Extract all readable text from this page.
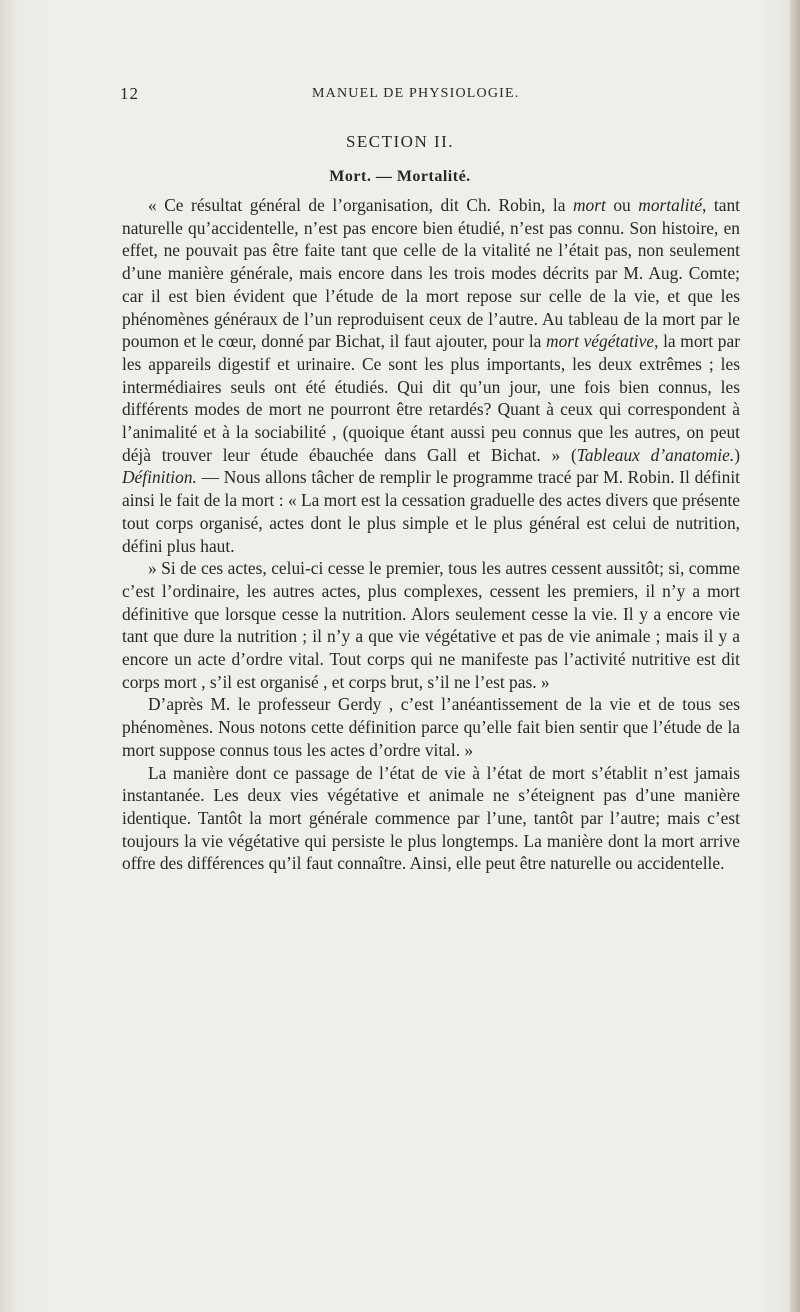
12	MANUEL DE PHYSIOLOGIE.
SECTION II.
Mort. — Mortalité.

« Ce résultat général de l’organisation, dit Ch. Robin, la mort ou mortalité, tant naturelle qu’accidentelle, n’est pas encore bien étudié, n’est pas connu. Son histoire, en effet, ne pouvait pas être faite tant que celle de la vitalité ne l’était pas, non seulement d’une manière générale, mais encore dans les trois modes décrits par M. Aug. Comte; car il est bien évident que l’étude de la mort repose sur celle de la vie, et que les phénomènes généraux de l’un reproduisent ceux de l’autre. Au tableau de la mort par le poumon et le cœur, donné par Bichat, il faut ajouter, pour la mort végétative, la mort par les appareils digestif et urinaire. Ce sont les plus importants, les deux extrêmes ; les intermédiaires seuls ont été étudiés. Qui dit qu’un jour, une fois bien connus, les différents modes de mort ne pourront être retardés? Quant à ceux qui correspondent à l’animalité et à la sociabilité , (quoique étant aussi peu connus que les autres, on peut déjà trouver leur étude ébauchée dans Gall et Bichat. » (Tableaux d’anatomie.) Définition. — Nous allons tâcher de remplir le programme tracé par M. Robin. Il définit ainsi le fait de la mort : « La mort est la cessation graduelle des actes divers que présente tout corps organisé, actes dont le plus simple et le plus général est celui de nutrition, défini plus haut.

» Si de ces actes, celui-ci cesse le premier, tous les autres cessent aussitôt; si, comme c’est l’ordinaire, les autres actes, plus complexes, cessent les premiers, il n’y a mort définitive que lorsque cesse la nutrition. Alors seulement cesse la vie. Il y a encore vie tant que dure la nutrition ; il n’y a que vie végétative et pas de vie animale ; mais il y a encore un acte d’ordre vital. Tout corps qui ne manifeste pas l’activité nutritive est dit corps mort , s’il est organisé , et corps brut, s’il ne l’est pas. »

D’après M. le professeur Gerdy , c’est l’anéantissement de la vie et de tous ses phénomènes. Nous notons cette définition parce qu’elle fait bien sentir que l’étude de la mort suppose connus tous les actes d’ordre vital. »

La manière dont ce passage de l’état de vie à l’état de mort s’établit n’est jamais instantanée. Les deux vies végétative et animale ne s’éteignent pas d’une manière identique. Tantôt la mort générale commence par l’une, tantôt par l’autre; mais c’est toujours la vie végétative qui persiste le plus longtemps. La manière dont la mort arrive offre des différences qu’il faut connaître. Ainsi, elle peut être naturelle ou accidentelle.
